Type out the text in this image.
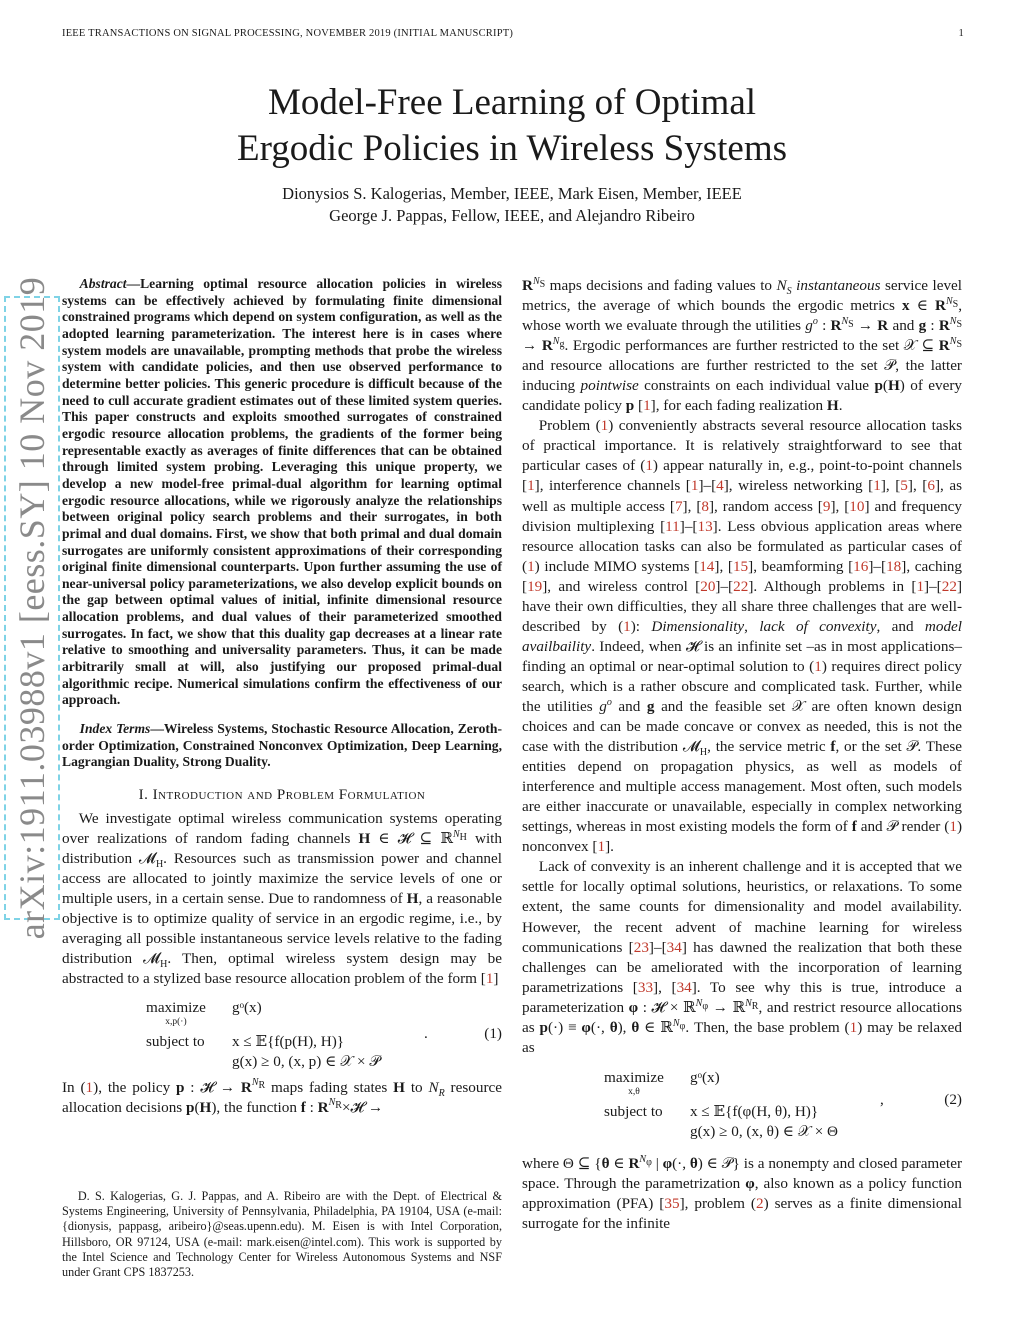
IEEE TRANSACTIONS ON SIGNAL PROCESSING, NOVEMBER 2019 (INITIAL MANUSCRIPT)	1
Model-Free Learning of Optimal
Ergodic Policies in Wireless Systems
Dionysios S. Kalogerias, Member, IEEE, Mark Eisen, Member, IEEE
George J. Pappas, Fellow, IEEE, and Alejandro Ribeiro
arXiv:1911.03988v1 [eess.SY] 10 Nov 2019	Abstract—Learning optimal resource allocation policies in wireless systems can be effectively achieved by formulating finite dimensional constrained programs which depend on system configuration, as well as the adopted learning parameterization. The interest here is in cases where system models are unavailable, prompting methods that probe the wireless system with candidate policies, and then use observed performance to determine better policies. This generic procedure is difficult because of the need to cull accurate gradient estimates out of these limited system queries. This paper constructs and exploits smoothed surrogates of constrained ergodic resource allocation problems, the gradients of the former being representable exactly as averages of finite differences that can be obtained through limited system probing. Leveraging this unique property, we develop a new model-free primal-dual algorithm for learning optimal ergodic resource allocations, while we rigorously analyze the relationships between original policy search problems and their surrogates, in both primal and dual domains. First, we show that both primal and dual domain surrogates are uniformly consistent approximations of their corresponding original finite dimensional counterparts. Upon further assuming the use of near-universal policy parameterizations, we also develop explicit bounds on the gap between optimal values of initial, infinite dimensional resource allocation problems, and dual values of their parameterized smoothed surrogates. In fact, we show that this duality gap decreases at a linear rate relative to smoothing and universality parameters. Thus, it can be made arbitrarily small at will, also justifying our proposed primal-dual algorithmic recipe. Numerical simulations confirm the effectiveness of our approach.

Index Terms—Wireless Systems, Stochastic Resource Allocation, Zeroth-order Optimization, Constrained Nonconvex Optimization, Deep Learning, Lagrangian Duality, Strong Duality.

I. Introduction and Problem Formulation

We investigate optimal wireless communication systems operating over realizations of random fading channels H ∈ 𝓗 ⊆ ℝ$^{N_H}$ with distribution 𝓜$_H$. Resources such as transmission power and channel access are allocated to jointly maximize the service levels of one or multiple users, in a certain sense. Due to randomness of H, a reasonable objective is to optimize quality of service in an ergodic regime, i.e., by averaging all possible instantaneous service levels relative to the fading distribution 𝓜$_H$. Then, optimal wireless system design may be abstracted to a stylized base resource allocation problem of the form [1]

maximize
x,p(·)
subject to
gᵒ(x)
x ≤ 𝔼{f(p(H), H)}
g(x) ≥ 0, (x, p) ∈ 𝒳 × 𝒫
.	(1)

In (1), the policy p : 𝓗 → $R^{N_R}$ maps fading states H to $N_R$ resource allocation decisions p(H), the function f : $R^{N_R}\times 𝓗$ →

D. S. Kalogerias, G. J. Pappas, and A. Ribeiro are with the Dept. of Electrical & Systems Engineering, University of Pennsylvania, Philadelphia, PA 19104, USA (e-mail: {dionysis, pappasg, aribeiro}@seas.upenn.edu). M. Eisen is with Intel Corporation, Hillsboro, OR 97124, USA (e-mail: mark.eisen@intel.com). This work is supported by the Intel Science and Technology Center for Wireless Autonomous Systems and NSF under Grant CPS 1837253.

$R^{N_S}$ maps decisions and fading values to $N_S$ instantaneous service level metrics, the average of which bounds the ergodic metrics x ∈ $R^{N_S}$, whose worth we evaluate through the utilities $g^o$ : $R^{N_S} \to R$ and g : $R^{N_S} \to R^{N_g}$. Ergodic performances are further restricted to the set 𝒳 ⊆ $R^{N_S}$ and resource allocations are further restricted to the set 𝒫, the latter inducing pointwise constraints on each individual value p(H) of every candidate policy p [1], for each fading realization H.

Problem (1) conveniently abstracts several resource allocation tasks of practical importance. It is relatively straightforward to see that particular cases of (1) appear naturally in, e.g., point-to-point channels [1], interference channels [1]–[4], wireless networking [1], [5], [6], as well as multiple access [7], [8], random access [9], [10] and frequency division multiplexing [11]–[13]. Less obvious application areas where resource allocation tasks can also be formulated as particular cases of (1) include MIMO systems [14], [15], beamforming [16]–[18], caching [19], and wireless control [20]–[22]. Although problems in [1]–[22] have their own difficulties, they all share three challenges that are well-described by (1): Dimensionality, lack of convexity, and model availbaility. Indeed, when 𝓗 is an infinite set –as in most applications– finding an optimal or near-optimal solution to (1) requires direct policy search, which is a rather obscure and complicated task. Further, while the utilities $g^o$ and g and the feasible set 𝒳 are often known design choices and can be made concave or convex as needed, this is not the case with the distribution 𝓜$_H$, the service metric f, or the set 𝒫. These entities depend on propagation physics, as well as models of interference and multiple access management. Most often, such models are either inaccurate or unavailable, especially in complex networking settings, whereas in most existing models the form of f and 𝒫 render (1) nonconvex [1].

Lack of convexity is an inherent challenge and it is accepted that we settle for locally optimal solutions, heuristics, or relaxations. To some extent, the same counts for dimensionality and model availability. However, the recent advent of machine learning for wireless communications [23]–[34] has dawned the realization that both these challenges can be ameliorated with the incorporation of learning parametrizations [33], [34]. To see why this is true, introduce a parameterization φ : 𝓗 × ℝ$^{N_\varphi}$ → ℝ$^{N_R}$, and restrict resource allocations as p(·) ≡ φ(·, θ), θ ∈ ℝ$^{N_\varphi}$. Then, the base problem (1) may be relaxed as

maximize
x,θ
subject to
gᵒ(x)
x ≤ 𝔼{f(φ(H, θ), H)}
g(x) ≥ 0, (x, θ) ∈ 𝒳 × Θ
,	(2)

where Θ ⊆ {θ ∈ $R^{N_\varphi}$ | φ(·, θ) ∈ 𝒫} is a nonempty and closed parameter space. Through the parametrization φ, also known as a policy function approximation (PFA) [35], problem (2) serves as a finite dimensional surrogate for the infinite
